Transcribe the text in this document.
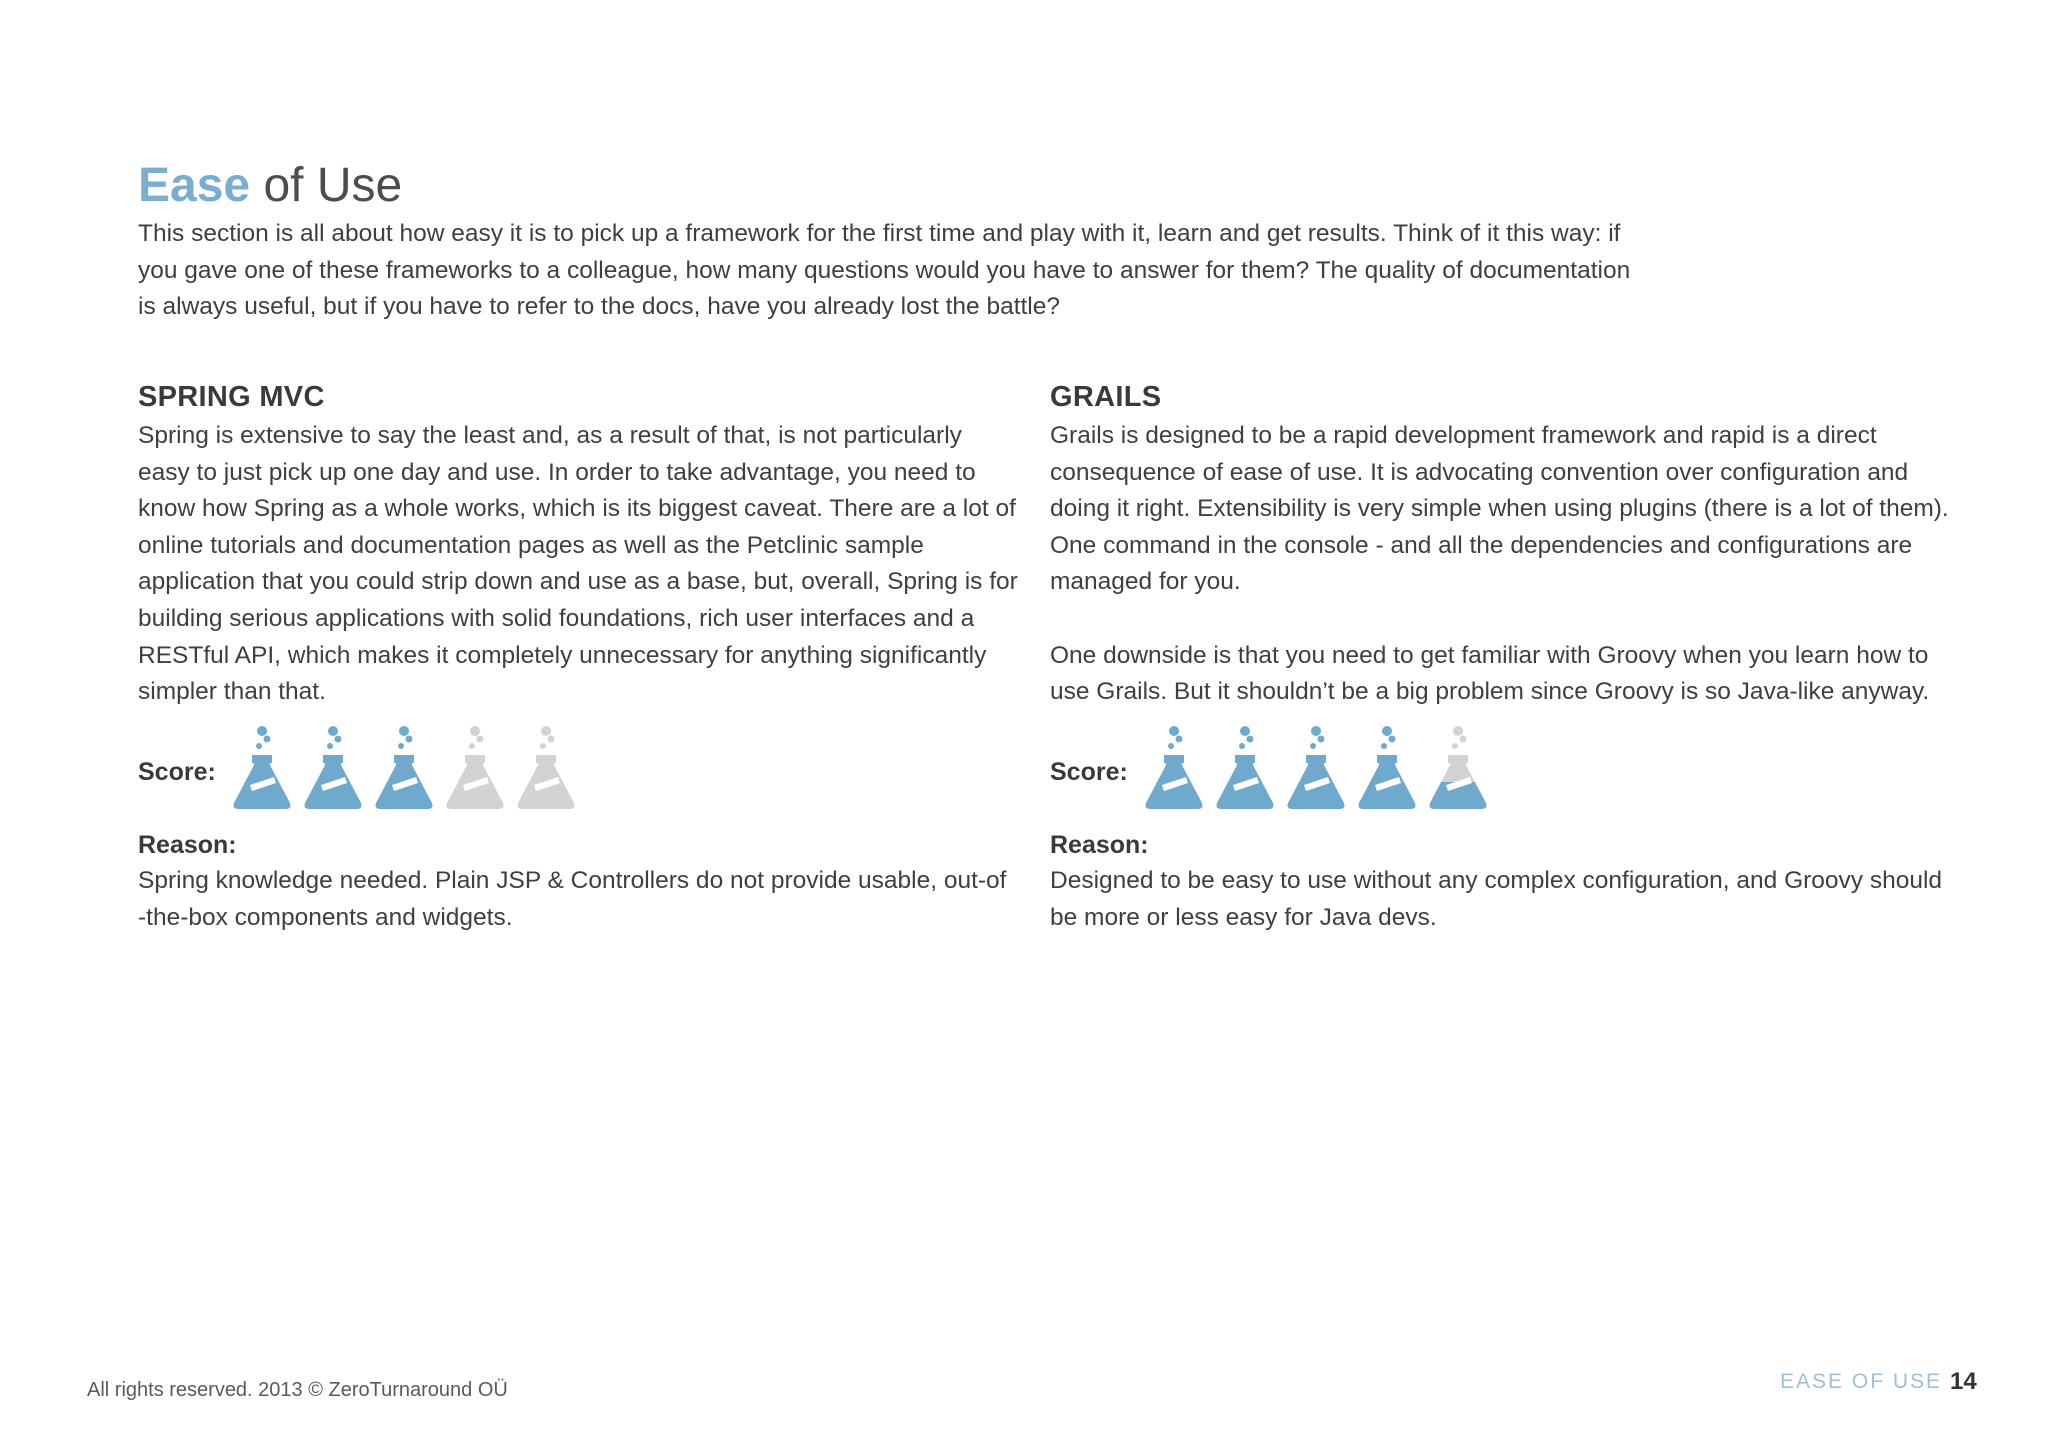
Ease of Use

This section is all about how easy it is to pick up a framework for the first time and play with it, learn and get results. Think of it this way: if you gave one of these frameworks to a colleague, how many questions would you have to answer for them? The quality of documentation is always useful, but if you have to refer to the docs, have you already lost the battle?

SPRING MVC

Spring is extensive to say the least and, as a result of that, is not particularly easy to just pick up one day and use. In order to take advantage, you need to know how Spring as a whole works, which is its biggest caveat. There are a lot of online tutorials and documentation pages as well as the Petclinic sample application that you could strip down and use as a base, but, overall, Spring is for building serious applications with solid foundations, rich user interfaces and a RESTful API, which makes it completely unnecessary for anything significantly simpler than that.

Score:
Reason:

Spring knowledge needed. Plain JSP & Controllers do not provide usable, out-of -the-box components and widgets.

GRAILS

Grails is designed to be a rapid development framework and rapid is a direct consequence of ease of use. It is advocating convention over configuration and doing it right. Extensibility is very simple when using plugins (there is a lot of them). One command in the console - and all the dependencies and configurations are managed for you.

One downside is that you need to get familiar with Groovy when you learn how to use Grails. But it shouldn’t be a big problem since Groovy is so Java-like anyway.

Score:
Reason:

Designed to be easy to use without any complex configuration, and Groovy should be more or less easy for Java devs.

All rights reserved. 2013 © ZeroTurnaround OÜ	EASE OF USE 14
